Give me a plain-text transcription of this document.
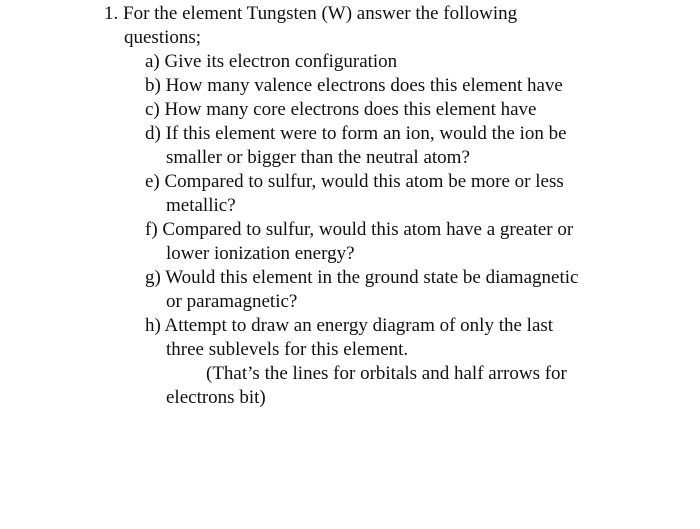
1. For the element Tungsten (W) answer the following
questions;
a) Give its electron configuration
b) How many valence electrons does this element have
c) How many core electrons does this element have
d) If this element were to form an ion, would the ion be
smaller or bigger than the neutral atom?
e) Compared to sulfur, would this atom be more or less
metallic?
f) Compared to sulfur, would this atom have a greater or
lower ionization energy?
g) Would this element in the ground state be diamagnetic
or paramagnetic?
h) Attempt to draw an energy diagram of only the last
three sublevels for this element.
(That’s the lines for orbitals and half arrows for
electrons bit)
